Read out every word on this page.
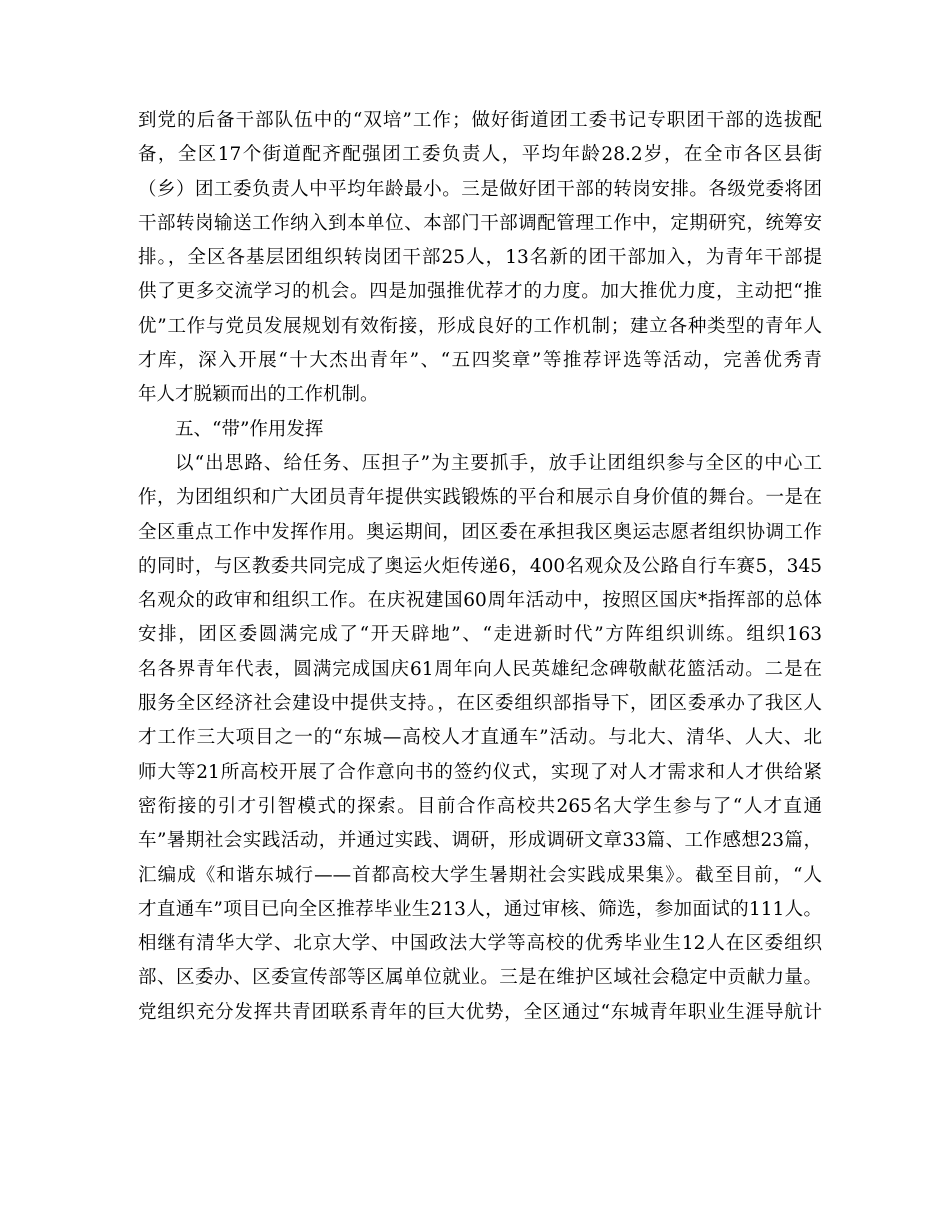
到党的后备干部队伍中的“双培”工作；做好街道团工委书记专职团干部的选拔配
备，全区17个街道配齐配强团工委负责人，平均年龄28.2岁，在全市各区县街
（乡）团工委负责人中平均年龄最小。三是做好团干部的转岗安排。各级党委将团
干部转岗输送工作纳入到本单位、本部门干部调配管理工作中，定期研究，统筹安
排。，全区各基层团组织转岗团干部25人，13名新的团干部加入，为青年干部提
供了更多交流学习的机会。四是加强推优荐才的力度。加大推优力度，主动把“推
优”工作与党员发展规划有效衔接，形成良好的工作机制；建立各种类型的青年人
才库，深入开展“十大杰出青年”、“五四奖章”等推荐评选等活动，完善优秀青
年人才脱颖而出的工作机制。
五、“带”作用发挥
以“出思路、给任务、压担子”为主要抓手，放手让团组织参与全区的中心工
作，为团组织和广大团员青年提供实践锻炼的平台和展示自身价值的舞台。一是在
全区重点工作中发挥作用。奥运期间，团区委在承担我区奥运志愿者组织协调工作
的同时，与区教委共同完成了奥运火炬传递6，400名观众及公路自行车赛5，345
名观众的政审和组织工作。在庆祝建国60周年活动中，按照区国庆*指挥部的总体
安排，团区委圆满完成了“开天辟地”、“走进新时代”方阵组织训练。组织163
名各界青年代表，圆满完成国庆61周年向人民英雄纪念碑敬献花篮活动。二是在
服务全区经济社会建设中提供支持。，在区委组织部指导下，团区委承办了我区人
才工作三大项目之一的“东城—高校人才直通车”活动。与北大、清华、人大、北
师大等21所高校开展了合作意向书的签约仪式，实现了对人才需求和人才供给紧
密衔接的引才引智模式的探索。目前合作高校共265名大学生参与了“人才直通
车”暑期社会实践活动，并通过实践、调研，形成调研文章33篇、工作感想23篇，
汇编成《和谐东城行——首都高校大学生暑期社会实践成果集》。截至目前，“人
才直通车”项目已向全区推荐毕业生213人，通过审核、筛选，参加面试的111人。
相继有清华大学、北京大学、中国政法大学等高校的优秀毕业生12人在区委组织
部、区委办、区委宣传部等区属单位就业。三是在维护区域社会稳定中贡献力量。
党组织充分发挥共青团联系青年的巨大优势，全区通过“东城青年职业生涯导航计
